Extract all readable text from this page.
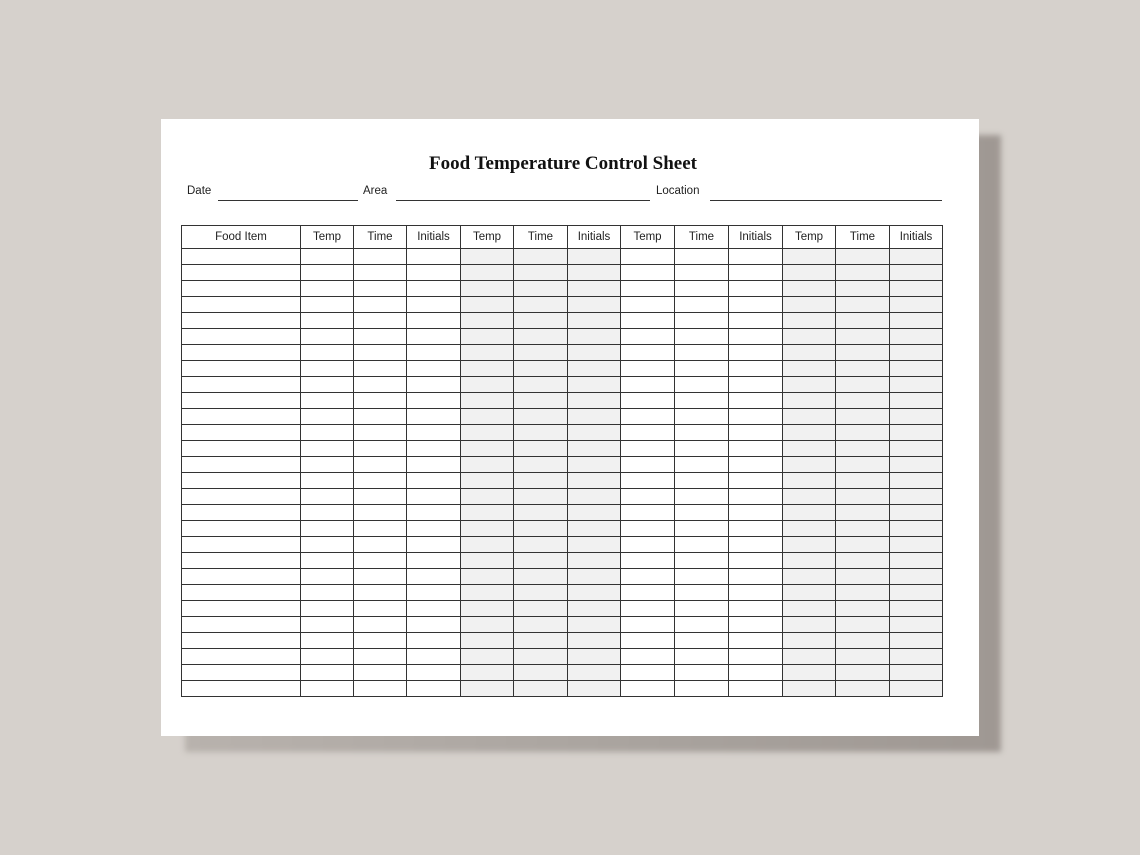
Food Temperature Control Sheet
Date	Area	Location
Food Item	Temp	Time	Initials	Temp	Time	Initials	Temp	Time	Initials	Temp	Time	Initials
